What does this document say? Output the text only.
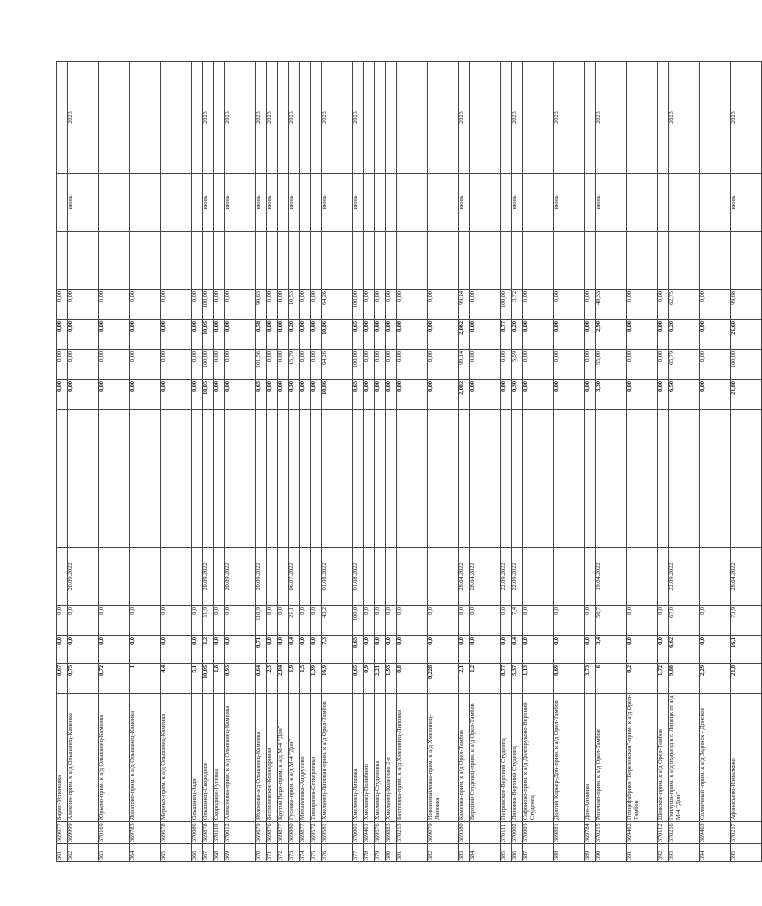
361	369077	Барис-Успеновка	0,67	0,0	0,0			0,00	0,00	0,00	0,00			
362	369999	Алексин-прим. к а/д Ольшанец-Каменка	0,75	0,0	0,0	20.09.2022		0,00	0,00	0,00	0,00		июнь	2023
363	370169	Юрьево-прим. к а/д Ольшанец-Каменка	0,72	0,0	0,0			0,00	0,00	0,00	0,00			
364	369783	Лопатово-прим. к а/д Ольшанец-Каменка	1	0,0	0,0			0,00	0,00	0,00	0,00			
365	369678	Мерных-прим. к а/д Ольшанец-Каменка	4,4	0,0	0,0			0,00	0,00	0,00	0,00			
366	370086	Ольшанец-Зади	5,1	0,0	0,0			0,00	0,00	0,00	0,00			
367	369878	Ольшанец-Скородное	10,05	1,2	11,9	20.09.2022		10,05	100,00	10,05	100,00		июнь	2023
368	370110	Скородное-Гусевка	1,8	0,0	0,0			0,00	0,00	0,00	0,00			
369	370012	Алексеевка-прим. к а/д Ольшанец-Каменка	0,93	0,0	0,0	20.09.2022		0,00	0,00	0,00	0,00		июнь	2023
370	369679	Яблонова-а/д Ольшанец-Каменка	0,64	0,71	110,9	20.09.2022		0,65	101,56	0,58	90,63		июнь	2023
371	369876	Бесполевское-Коландриная	2,3	0,0	0,0			0,00	0,00	0,00	0,00		июнь	2023
372	369877	Крутой Верх-прим. к а/д М-4 "Дон"	2,04	0,0	0,0			0,00	0,00	0,00	0,00			
373	369880	Гусевка-прим. к а/д М-4 "Дон"	1,9	0,4	21,1	06.07.2022		0,30	15,79	0,20	10,53		июнь	2023
374	369877	Михайловка-Андрусово	1,5	0,0	0,0			0,00	0,00	0,00	0,00			
375	369572	Тимирязев-Сеткерлевка	1,39	0,0	0,0			0,00	0,00	0,00	0,00			
376	369581	Хмелинец-Липовая-прим. к а/д Орел-Тамбов	16,9	7,3	43,2	01.08.2022		10,86	64,26	10,86	64,26		июнь	2023
377	370001	Хмелинец-Липовка	0,65	0,65	100,0	01.08.2022		0,65	100,00	0,65	100,00		июнь	2023
378	369461	Хмелинец-Полибино	0,9	0,0	0,0			0,00	0,00	0,00	0,00			
379	369576	Хмелинец-Студеновка	2,21	0,0	0,0			0,00	0,00	0,00	0,00			
380	369883	Хмелинец-Колесово 2-е	1,93	0,0	0,0			0,00	0,00	0,00	0,00			
381	370213	Бахтеевка-прим. к а/д Хмелинец-Липовка	0,8	0,0	0,0			0,00	0,00	0,00	0,00			
382	369079	Новоизмайловка-прим. к а/д Хмелинец-Липовка	0,228	0,0	0,0			0,00	0,00	0,00	0,00			
383	369380	Каменка-прим. к а/д Орел-Тамбов	2,1	0,0	0,0	28.04.2022		2,082	99,14	2,082	99,14		июнь	2023
384		Верхний Студенец-прим. к а/д Орел-Тамбов	1,2	0,0	0,0	28.04.2022		0,00	0,00	0,00	0,00			
385	370111	Петровское-Верхний Студенец	8,77	0,0	0,0	22.09.2022		0,00	0,00	8,77	100,00			
386	370002	Липовка-Верхний Студенец	5,37	0,4	7,4	22.09.2022		0,30	5,59	0,20	3,72		июнь	2023
387	370003	Сафоново-прим. к а/д Долгоруково-Верхний Студенец	1,13	0,0	0,0			0,00	0,00	0,00	0,00			
388	369881	Долгий Карьер-Дон-прим. к а/д Орел-Тамбов	8,69	0,0	0,0			0,00	0,00	0,00	0,00		июнь	2023
389	369784	Дон-Аннинка	3,73	0,0	0,0			0,00	0,00	0,00	0,00			
390	370215	Рогачево-прим. к а/д Орел-Тамбов	6	3,4	56,7	19.04.2022		3,30	55,00	2,90	48,33		июнь	2023
391	369462	Птицефабрика "Березовская"-прим. к а/д Орел-Тамбов	0,2	0,0	0,0			0,00	0,00	0,00	0,00			
392	370112	Шовское-прим. к а/д Орел-Тамбов	1,72	0,0	0,0			0,00	0,00	0,00	0,00			
393	370216	Гнилуша-прим. к а/д подъезд к г. Липецк от а/д М-4 "Дон"	9,88	6,62	67,0	22.09.2022		6,50	65,79	6,20	62,75			2023
394	369463	Солнечный -прим. к а/д Задонск - Донское	2,29	0,0	0,0			0,00	0,00	0,00	0,00			
395	370217	Афанасьево-Измалково	21,8	16,1	73,9	28.04.2022		21,80	100,00	21,60	99,08		июнь	2023
